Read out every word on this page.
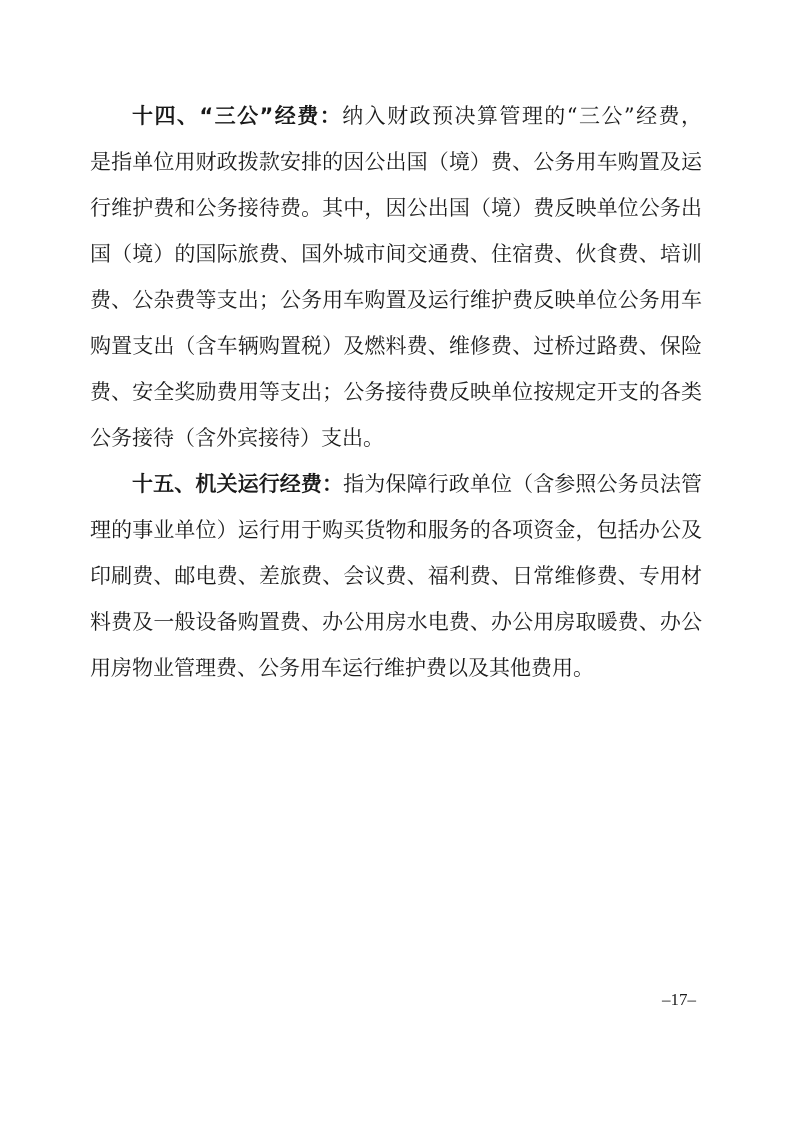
十四、“三公”经费：纳入财政预决算管理的“三公”经费，
是指单位用财政拨款安排的因公出国（境）费、公务用车购置及运
行维护费和公务接待费。其中，因公出国（境）费反映单位公务出
国（境）的国际旅费、国外城市间交通费、住宿费、伙食费、培训
费、公杂费等支出；公务用车购置及运行维护费反映单位公务用车
购置支出（含车辆购置税）及燃料费、维修费、过桥过路费、保险
费、安全奖励费用等支出；公务接待费反映单位按规定开支的各类
公务接待（含外宾接待）支出。
十五、机关运行经费：指为保障行政单位（含参照公务员法管
理的事业单位）运行用于购买货物和服务的各项资金，包括办公及
印刷费、邮电费、差旅费、会议费、福利费、日常维修费、专用材
料费及一般设备购置费、办公用房水电费、办公用房取暖费、办公
用房物业管理费、公务用车运行维护费以及其他费用。
–17–
